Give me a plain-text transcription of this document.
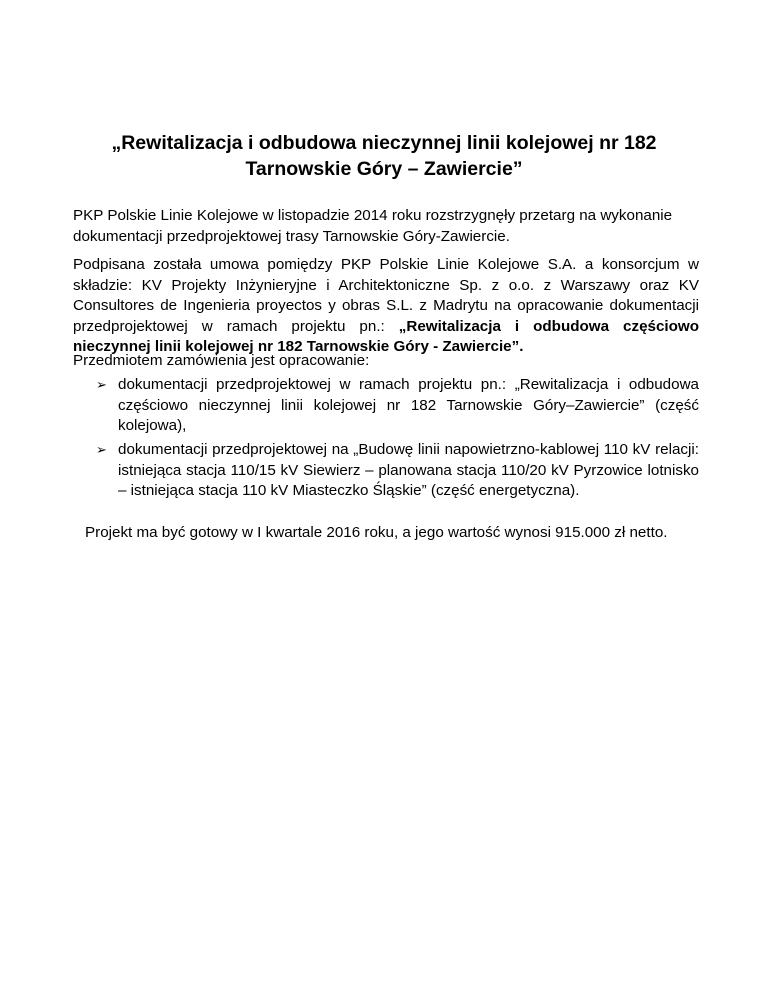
„Rewitalizacja i odbudowa nieczynnej linii kolejowej nr 182
Tarnowskie Góry – Zawiercie”

PKP Polskie Linie Kolejowe w listopadzie 2014 roku rozstrzygnęły przetarg na wykonanie dokumentacji przedprojektowej trasy Tarnowskie Góry-Zawiercie.

Podpisana została umowa pomiędzy PKP Polskie Linie Kolejowe S.A. a konsorcjum w składzie: KV Projekty Inżynieryjne i Architektoniczne Sp. z o.o. z Warszawy oraz KV Consultores de Ingenieria proyectos y obras S.L. z Madrytu na opracowanie dokumentacji przedprojektowej w ramach projektu pn.: „Rewitalizacja i odbudowa częściowo nieczynnej linii kolejowej nr 182 Tarnowskie Góry - Zawiercie”.

Przedmiotem zamówienia jest opracowanie:

➢ dokumentacji przedprojektowej w ramach projektu pn.: „Rewitalizacja i odbudowa częściowo nieczynnej linii kolejowej nr 182 Tarnowskie Góry–Zawiercie” (część kolejowa),
➢ dokumentacji przedprojektowej na „Budowę linii napowietrzno-kablowej 110 kV relacji: istniejąca stacja 110/15 kV Siewierz – planowana stacja 110/20 kV Pyrzowice lotnisko – istniejąca stacja 110 kV Miasteczko Śląskie” (część energetyczna).

Projekt ma być gotowy w I kwartale 2016 roku, a jego wartość wynosi 915.000 zł netto.
